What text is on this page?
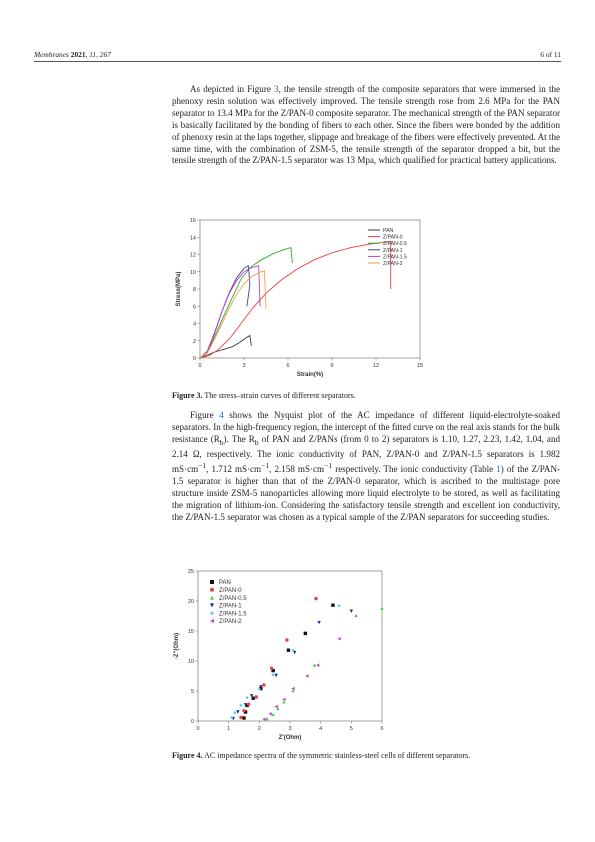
Membranes 2021, 11, 267	6 of 11

As depicted in Figure 3, the tensile strength of the composite separators that were immersed in the phenoxy resin solution was effectively improved. The tensile strength rose from 2.6 MPa for the PAN separator to 13.4 MPa for the Z/PAN-0 composite separator. The mechanical strength of the PAN separator is basically facilitated by the bonding of fibers to each other. Since the fibers were bonded by the addition of phenoxy resin at the laps together, slippage and breakage of the fibers were effectively prevented. At the same time, with the combination of ZSM-5, the tensile strength of the separator dropped a bit, but the tensile strength of the Z/PAN-1.5 separator was 13 Mpa, which qualified for practical battery applications.

0	3	6	9	12	15
0
2
4
6
8
10
12
14
16
Strain(%)
Stress(MPa)
PAN
Z/PAN-0
Z/PAN-0.5
Z/PAN-1
Z/PAN-1.5
Z/PAN-2

Figure 3. The stress–strain curves of different separators.

Figure 4 shows the Nyquist plot of the AC impedance of different liquid-electrolyte-soaked separators. In the high-frequency region, the intercept of the fitted curve on the real axis stands for the bulk resistance $(R_b)$. The $R_b$ of PAN and Z/PANs (from 0 to 2) separators is 1.10, 1.27, 2.23, 1.42, 1.04, and 2.14 Ω, respectively. The ionic conductivity of PAN, Z/PAN-0 and Z/PAN-1.5 separators is 1.982 $mS\cdot cm^{-1}$, 1.712 $mS\cdot cm^{-1}$, 2.158 $mS\cdot cm^{-1}$ respectively. The ionic conductivity (Table 1) of the Z/PAN-1.5 separator is higher than that of the Z/PAN-0 separator, which is ascribed to the multistage pore structure inside ZSM-5 nanoparticles allowing more liquid electrolyte to be stored, as well as facilitating the migration of lithium-ion. Considering the satisfactory tensile strength and excellent ion conductivity, the Z/PAN-1.5 separator was chosen as a typical sample of the Z/PAN separators for succeeding studies.

0	1	2	3	4	5	6
0
5
10
15
20
25
Z'(Ohm)
-Z''(Ohm)
PAN
Z/PAN-0
Z/PAN-0.5
Z/PAN-1
Z/PAN-1.5
Z/PAN-2

Figure 4. AC impedance spectra of the symmetric stainless-steel cells of different separators.
